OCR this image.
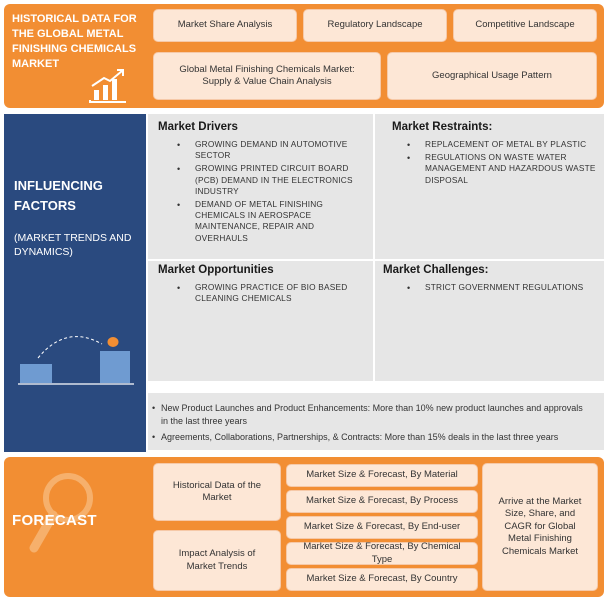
HISTORICAL DATA FOR THE GLOBAL METAL FINISHING CHEMICALS MARKET
Market Share Analysis	Regulatory Landscape	Competitive Landscape
Global Metal Finishing Chemicals Market: Supply & Value Chain Analysis
Geographical Usage Pattern
INFLUENCING FACTORS
(MARKET TRENDS AND DYNAMICS)
Market Drivers
• GROWING DEMAND IN AUTOMOTIVE SECTOR
• GROWING PRINTED CIRCUIT BOARD (PCB) DEMAND IN THE ELECTRONICS INDUSTRY
• DEMAND OF METAL FINISHING CHEMICALS IN AEROSPACE MAINTENANCE, REPAIR AND OVERHAULS
Market Restraints:
• REPLACEMENT OF METAL BY PLASTIC
• REGULATIONS ON WASTE WATER MANAGEMENT AND HAZARDOUS WASTE DISPOSAL
Market Opportunities
• GROWING PRACTICE OF BIO BASED CLEANING CHEMICALS
Market Challenges:
• STRICT GOVERNMENT REGULATIONS
• New Product Launches and Product Enhancements: More than 10% new product launches and approvals in the last three years
• Agreements, Collaborations, Partnerships, & Contracts: More than 15% deals in the last three years
FORECAST
Historical Data of the Market
Impact Analysis of Market Trends
Market Size & Forecast, By Material
Market Size & Forecast, By Process
Market Size & Forecast, By End-user
Market Size & Forecast, By Chemical Type
Market Size & Forecast, By Country
Arrive at the Market Size, Share, and CAGR for Global Metal Finishing Chemicals Market
